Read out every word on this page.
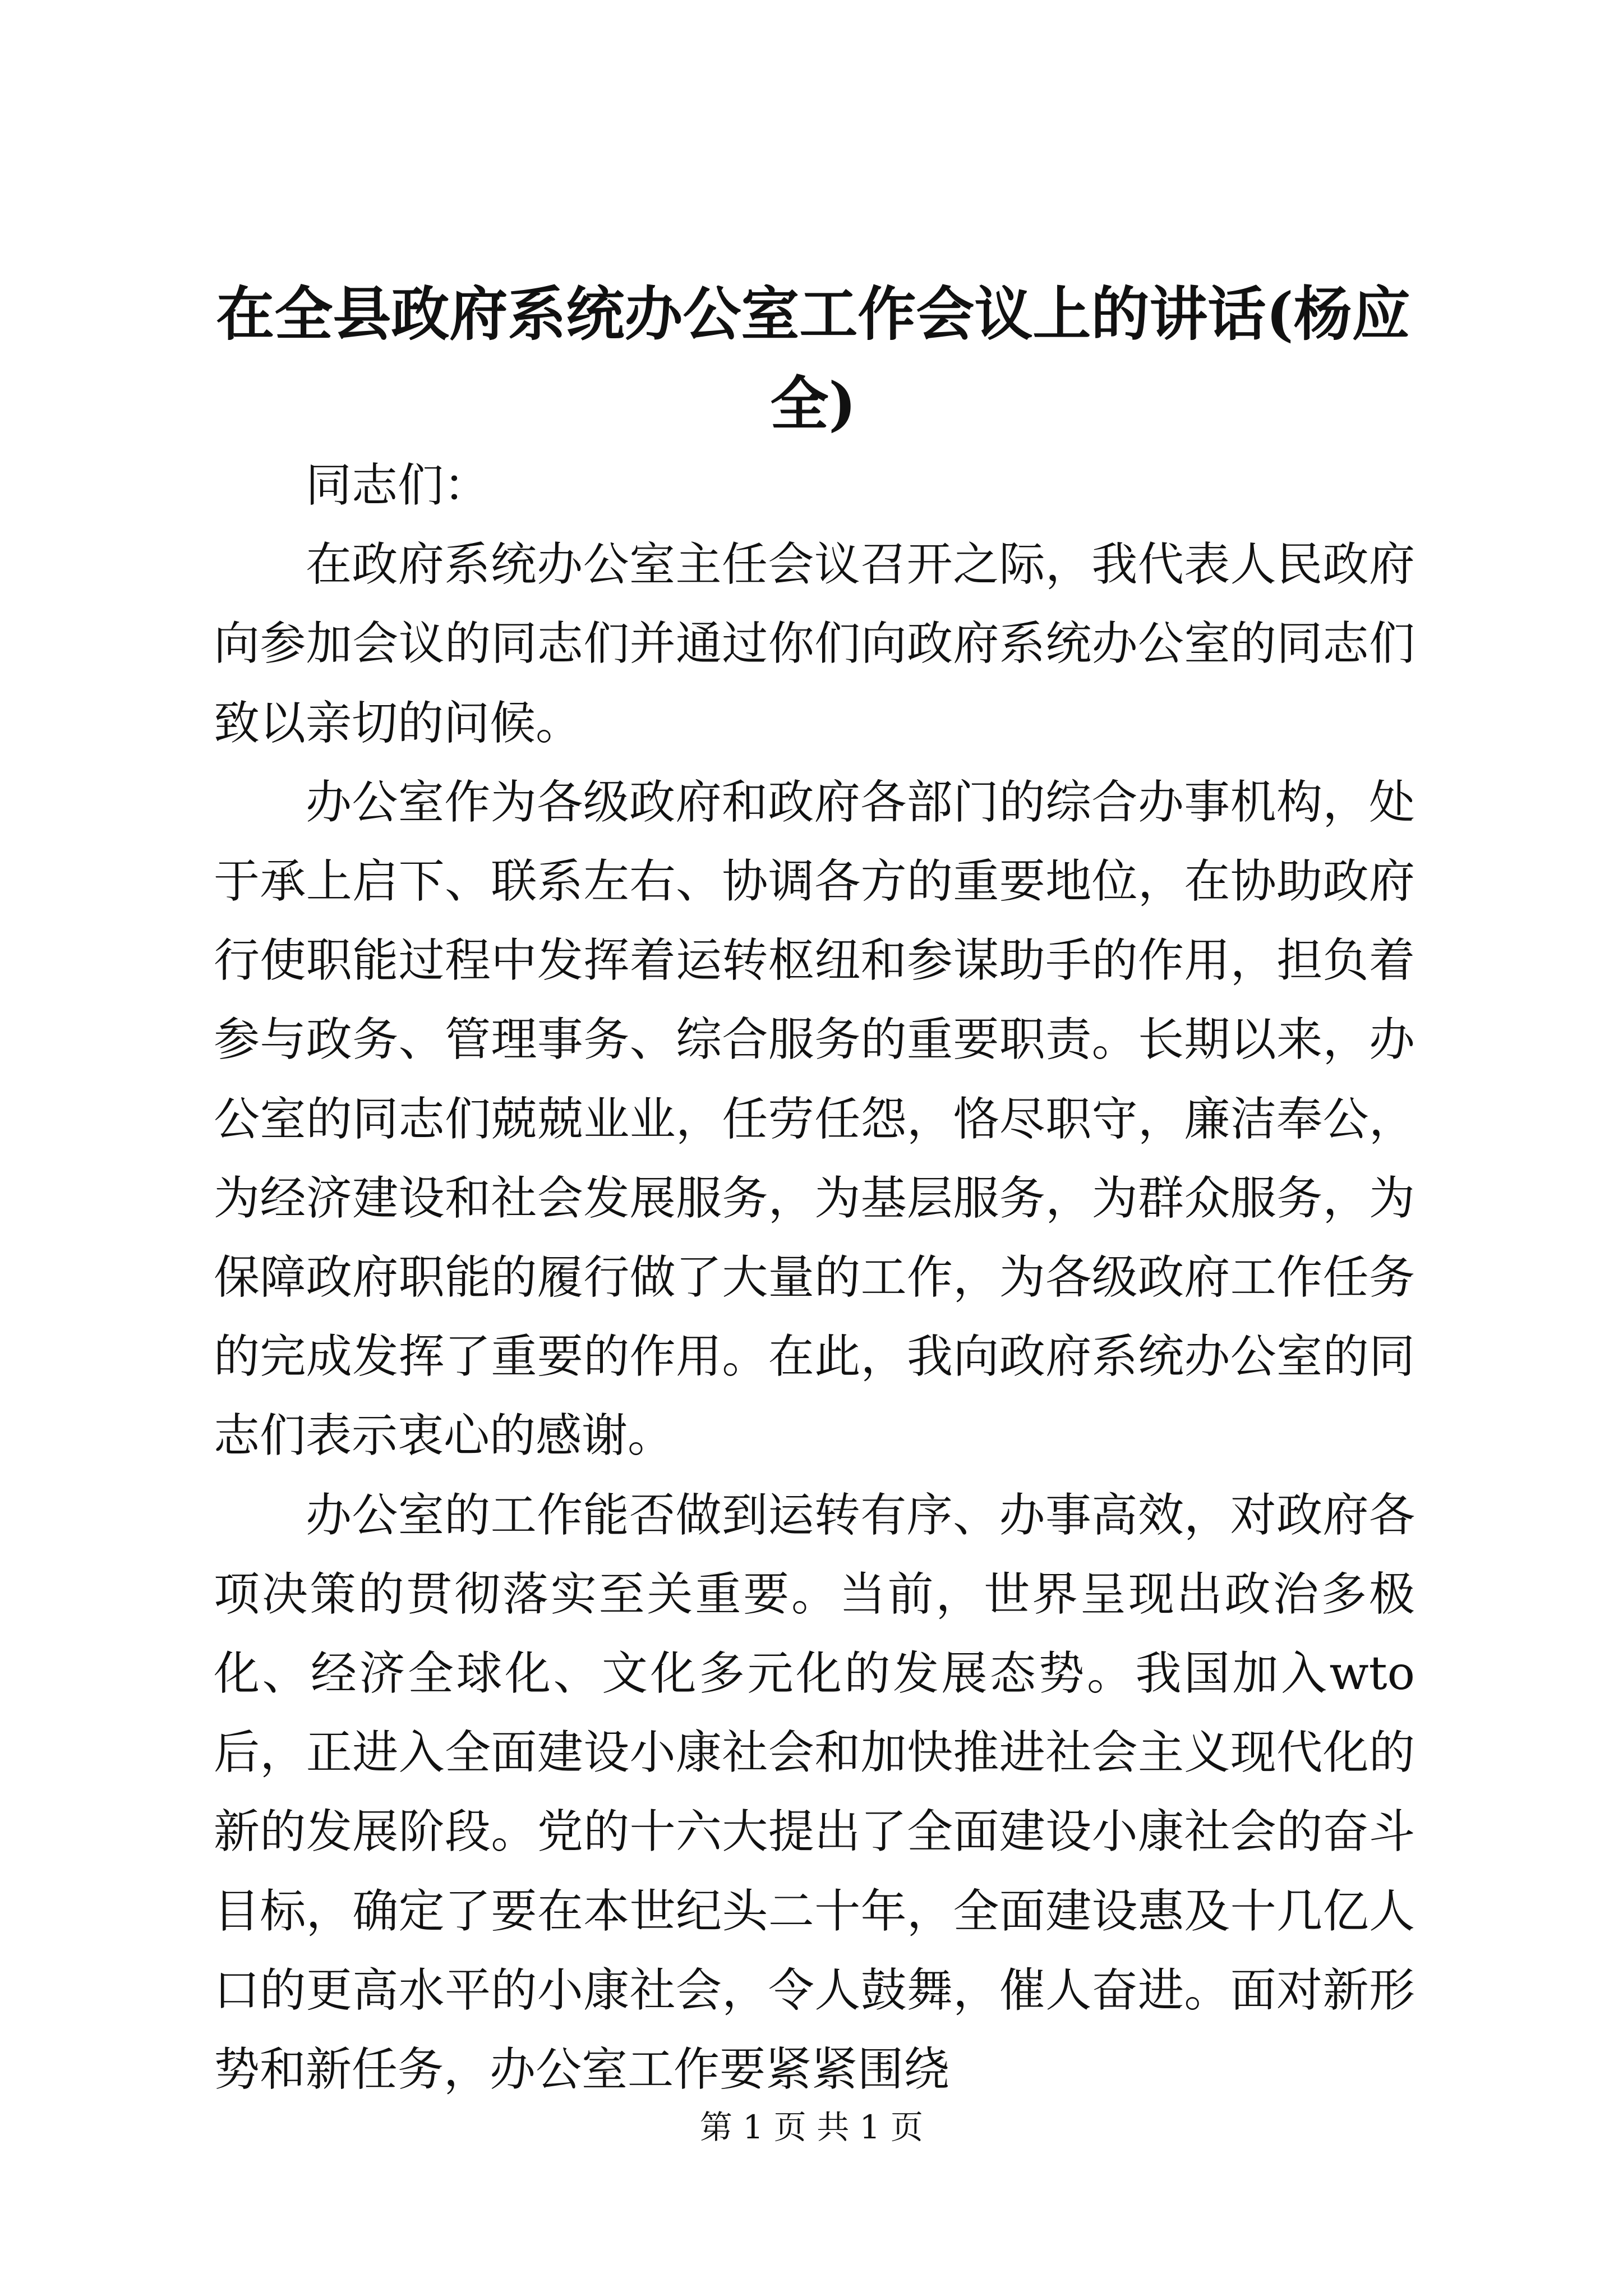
在全县政府系统办公室工作会议上的讲话(杨应全)

同志们：

在政府系统办公室主任会议召开之际，我代表人民政府向参加会议的同志们并通过你们向政府系统办公室的同志们致以亲切的问候。

办公室作为各级政府和政府各部门的综合办事机构，处于承上启下、联系左右、协调各方的重要地位，在协助政府行使职能过程中发挥着运转枢纽和参谋助手的作用，担负着参与政务、管理事务、综合服务的重要职责。长期以来，办公室的同志们兢兢业业，任劳任怨，恪尽职守，廉洁奉公，为经济建设和社会发展服务，为基层服务，为群众服务，为保障政府职能的履行做了大量的工作，为各级政府工作任务的完成发挥了重要的作用。在此，我向政府系统办公室的同志们表示衷心的感谢。

办公室的工作能否做到运转有序、办事高效，对政府各项决策的贯彻落实至关重要。当前，世界呈现出政治多极化、经济全球化、文化多元化的发展态势。我国加入wto后，正进入全面建设小康社会和加快推进社会主义现代化的新的发展阶段。党的十六大提出了全面建设小康社会的奋斗目标，确定了要在本世纪头二十年，全面建设惠及十几亿人口的更高水平的小康社会，令人鼓舞，催人奋进。面对新形势和新任务，办公室工作要紧紧围绕

第 1 页 共 1 页
